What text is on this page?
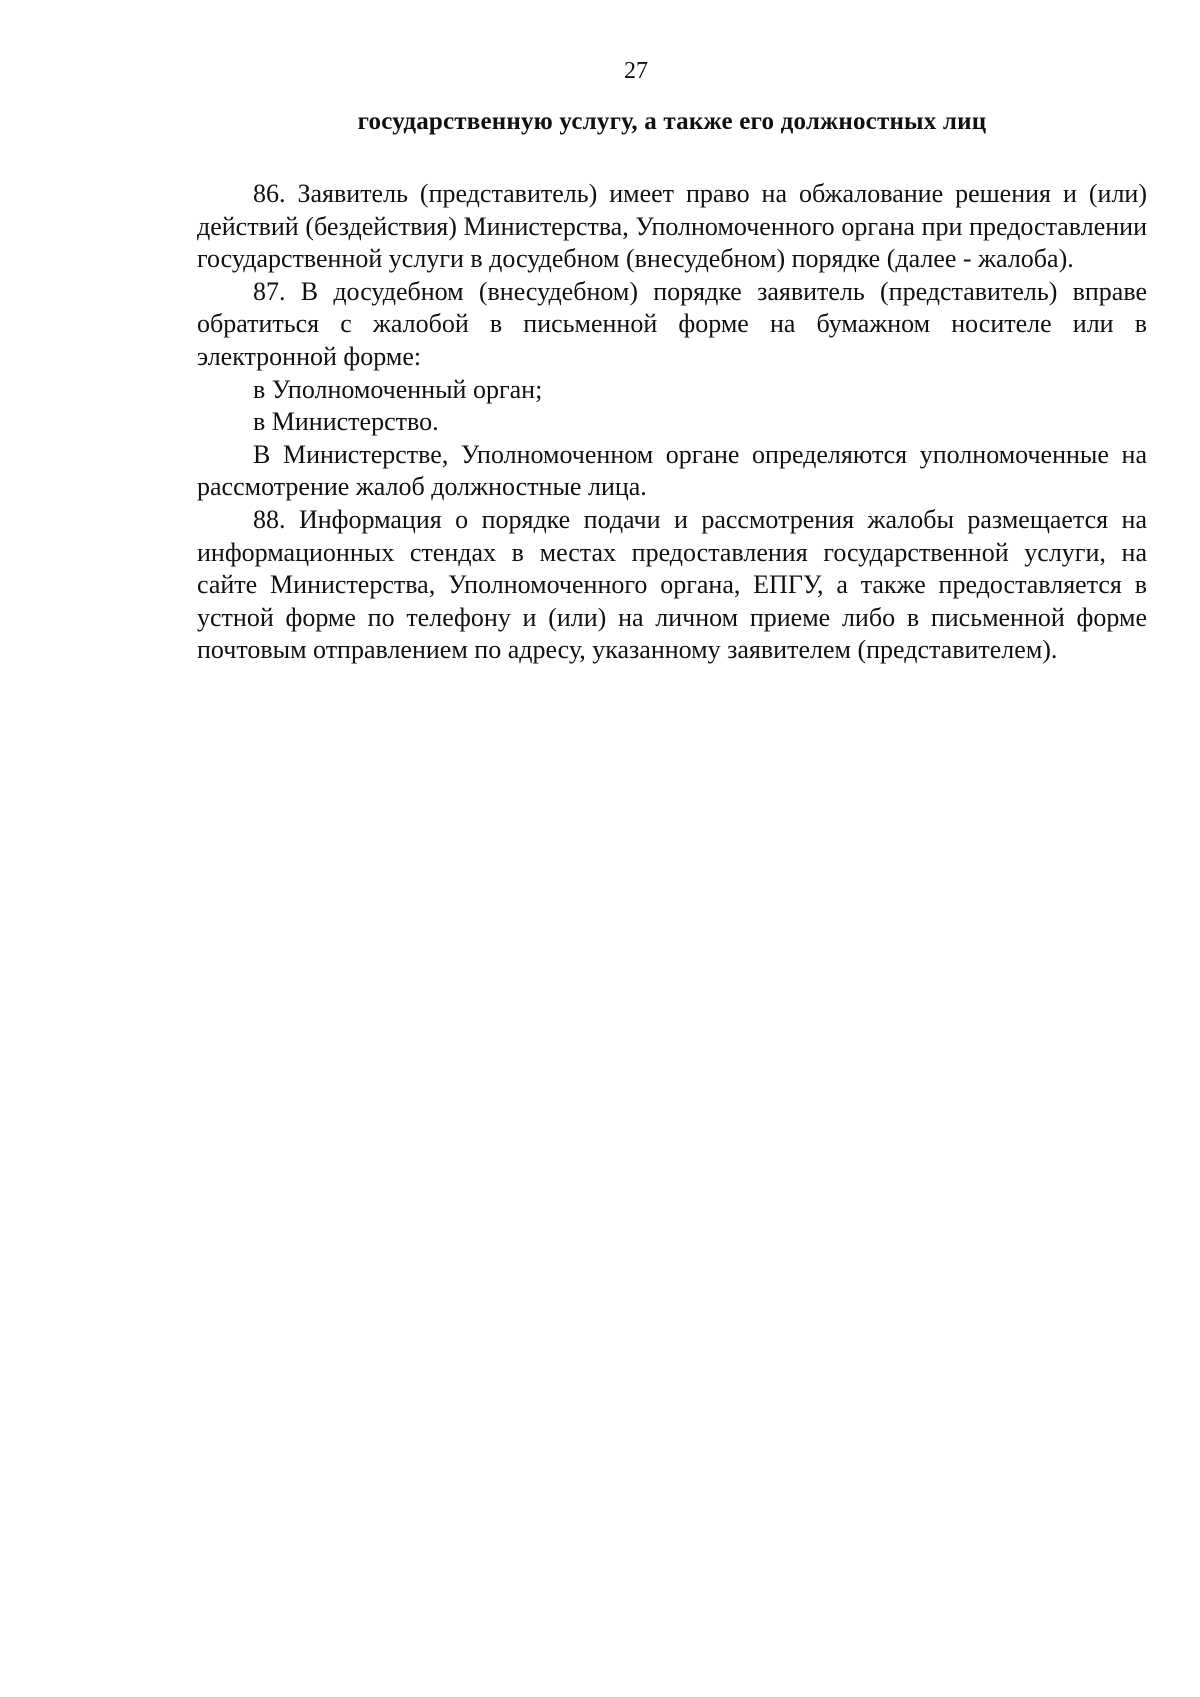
27
государственную услугу, а также его должностных лиц

86. Заявитель (представитель) имеет право на обжалование решения и (или) действий (бездействия) Министерства, Уполномоченного органа при предоставлении государственной услуги в досудебном (внесудебном) порядке (далее - жалоба).

87. В досудебном (внесудебном) порядке заявитель (представитель) вправе обратиться с жалобой в письменной форме на бумажном носителе или в электронной форме:

в Уполномоченный орган;

в Министерство.

В Министерстве, Уполномоченном органе определяются уполномоченные на рассмотрение жалоб должностные лица.

88. Информация о порядке подачи и рассмотрения жалобы размещается на информационных стендах в местах предоставления государственной услуги, на сайте Министерства, Уполномоченного органа, ЕПГУ, а также предоставляется в устной форме по телефону и (или) на личном приеме либо в письменной форме почтовым отправлением по адресу, указанному заявителем (представителем).
